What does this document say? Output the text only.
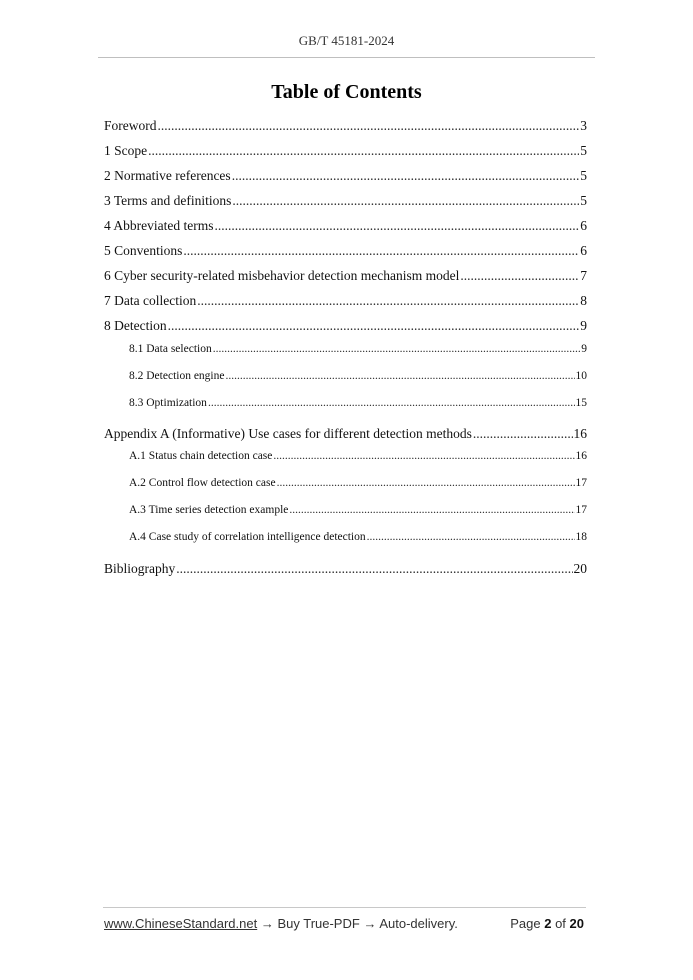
GB/T 45181-2024
Table of Contents
Foreword .....	3
1 Scope .....	5
2 Normative references .....	5
3 Terms and definitions .....	5
4 Abbreviated terms .....	6
5 Conventions .....	6
6 Cyber security-related misbehavior detection mechanism model .....	7
7 Data collection .....	8
8 Detection .....	9
8.1 Data selection .....	9
8.2 Detection engine .....	10
8.3 Optimization .....	15
Appendix A (Informative) Use cases for different detection methods .....	16
A.1 Status chain detection case .....	16
A.2 Control flow detection case .....	17
A.3 Time series detection example .....	17
A.4 Case study of correlation intelligence detection .....	18
Bibliography .....	20
www.ChineseStandard.net → Buy True-PDF → Auto-delivery.	Page 2 of 20
